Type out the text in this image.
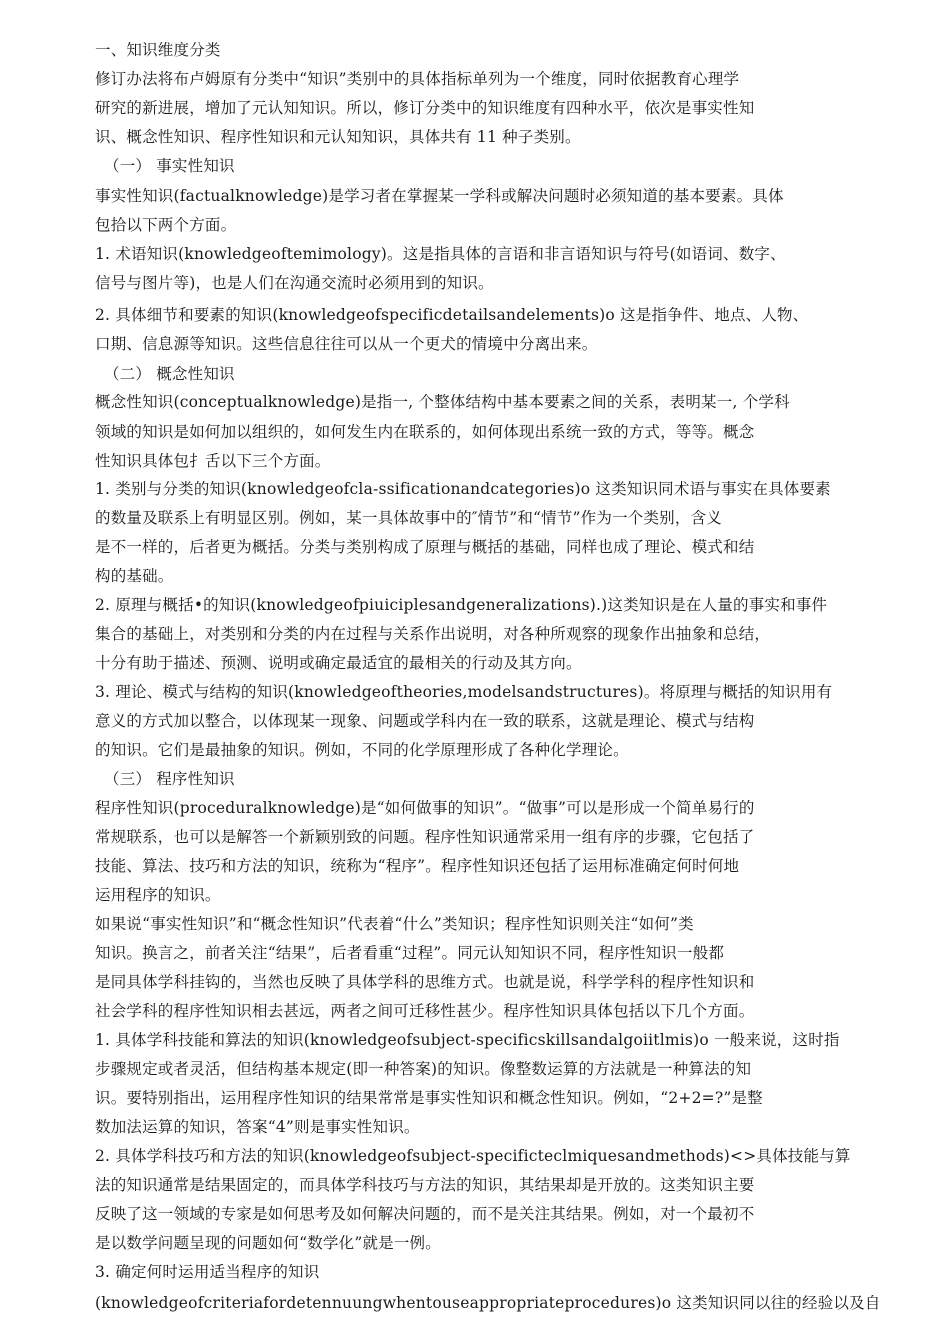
一、知识维度分类
修订办法将布卢姆原有分类中“知识”类别中的具体指标单列为一个维度，同时依据教育心理学
研究的新进展，增加了元认知知识。所以，修订分类中的知识维度有四种水平，依次是事实性知
识、概念性知识、程序性知识和元认知知识，具体共有 11 种子类别。
（一） 事实性知识
事实性知识(factualknowledge)是学习者在掌握某一学科或解决问题时必须知道的基本要素。具体
包拾以下两个方面。
1. 术语知识(knowledgeoftemimology)。这是指具体的言语和非言语知识与符号(如语词、数字、
信号与图片等)，也是人们在沟通交流时必须用到的知识。
2. 具体细节和要素的知识(knowledgeofspecificdetailsandelements)o 这是指争件、地点、人物、
口期、信息源等知识。这些信息往往可以从一个更犬的情境中分离出来。
（二） 概念性知识
概念性知识(conceptualknowledge)是指一, 个整体结构中基本要素之间的关系，表明某一, 个学科
领域的知识是如何加以组织的，如何发生内在联系的，如何体现出系统一致的方式，等等。概念
性知识具体包扌舌以下三个方面。
1. 类别与分类的知识(knowledgeofcla-ssificationandcategories)o 这类知识同术语与事实在具体要素
的数量及联系上有明显区别。例如，某一具体故事中的″情节”和“情节”作为一个类别，含义
是不一样的，后者更为概括。分类与类别构成了原理与概括的基础，同样也成了理论、模式和结
构的基础。
2. 原理与概括•的知识(knowledgeofpiuiciplesandgeneralizations).)这类知识是在人量的事实和事件
集合的基础上，对类别和分类的内在过程与关系作出说明，对各种所观察的现象作出抽象和总结，
十分有助于描述、预测、说明或确定最适宜的最相关的行动及其方向。
3. 理论、模式与结构的知识(knowledgeoftheories,modelsandstructures)。将原理与概括的知识用有
意义的方式加以整合，以体现某一现象、问题或学科内在一致的联系，这就是理论、模式与结构
的知识。它们是最抽象的知识。例如，不同的化学原理形成了各种化学理论。
（三） 程序性知识
程序性知识(proceduralknowledge)是“如何做事的知识”。“做事”可以是形成一个简单易行的
常规联系，也可以是解答一个新颖别致的问题。程序性知识通常采用一组有序的步骤，它包括了
技能、算法、技巧和方法的知识，统称为“程序”。程序性知识还包括了运用标准确定何时何地
运用程序的知识。
如果说“事实性知识”和“概念性知识”代表着“什么”类知识；程序性知识则关注“如何”类
知识。换言之，前者关注“结果”，后者看重“过程”。同元认知知识不同，程序性知识一般都
是同具体学科挂钩的，当然也反映了具体学科的思维方式。也就是说，科学学科的程序性知识和
社会学科的程序性知识相去甚远，两者之间可迁移性甚少。程序性知识具体包括以下几个方面。
1. 具体学科技能和算法的知识(knowledgeofsubject-specificskillsandalgoiitlmis)o 一般来说，这时指
步骤规定或者灵活，但结构基本规定(即一种答案)的知识。像整数运算的方法就是一种算法的知
识。要特别指出，运用程序性知识的结果常常是事实性知识和概念性知识。例如，“2+2=?”是整
数加法运算的知识，答案“4”则是事实性知识。
2. 具体学科技巧和方法的知识(knowledgeofsubject-specificteclmiquesandmethods)<>具体技能与算
法的知识通常是结果固定的，而具体学科技巧与方法的知识，其结果却是开放的。这类知识主要
反映了这一领域的专家是如何思考及如何解决问题的，而不是关注其结果。例如，对一个最初不
是以数学问题呈现的问题如何“数学化”就是一例。
3. 确定何时运用适当程序的知识
(knowledgeofcriteriafordetennuungwhentouseappropriateprocedures)o 这类知识同以往的经验以及自
